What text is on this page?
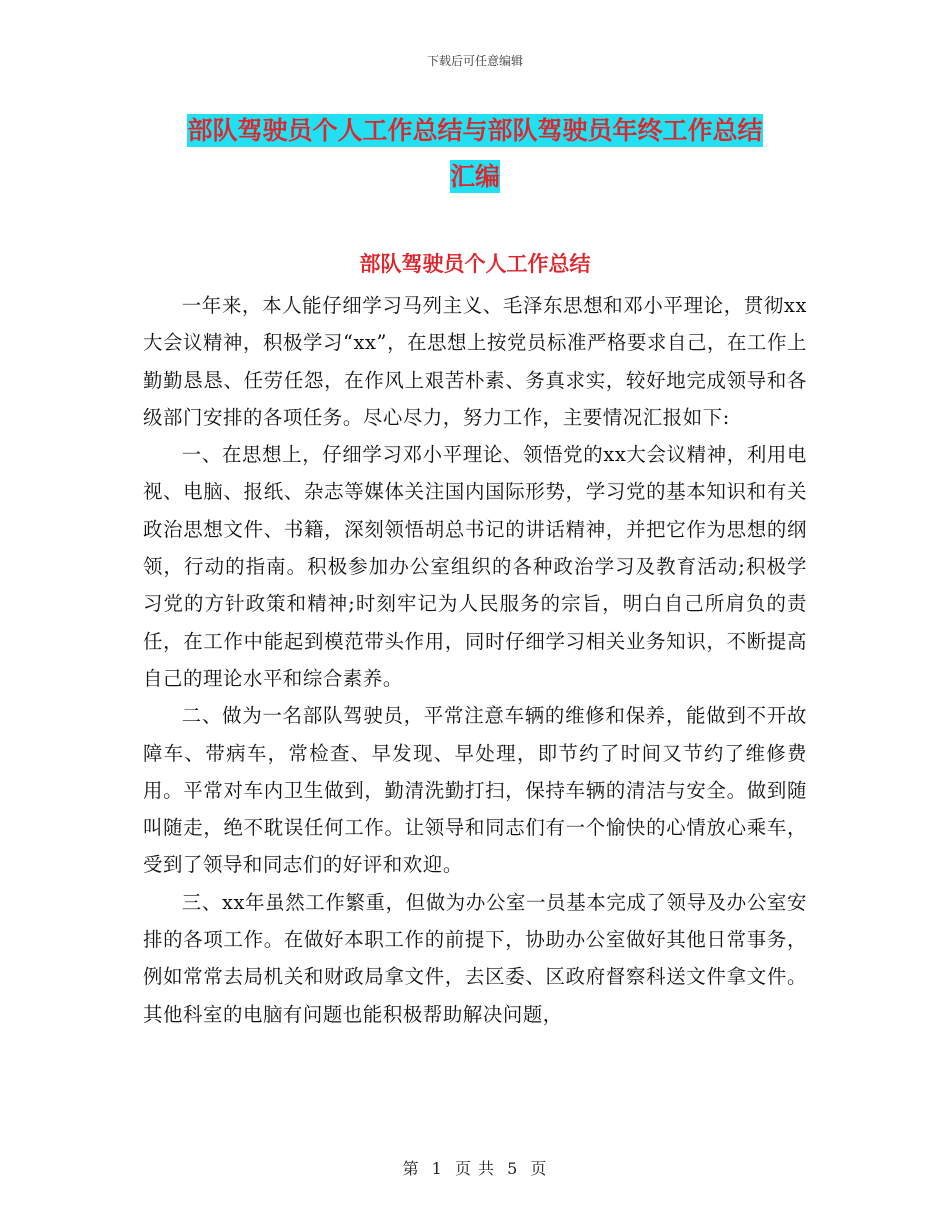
下载后可任意编辑
部队驾驶员个人工作总结与部队驾驶员年终工作总结
汇编
部队驾驶员个人工作总结

一年来，本人能仔细学习马列主义、毛泽东思想和邓小平理论，贯彻xx大会议精神，积极学习“xx”，在思想上按党员标准严格要求自己，在工作上勤勤恳恳、任劳任怨，在作风上艰苦朴素、务真求实，较好地完成领导和各级部门安排的各项任务。尽心尽力，努力工作，主要情况汇报如下:

一、在思想上，仔细学习邓小平理论、领悟党的xx大会议精神，利用电视、电脑、报纸、杂志等媒体关注国内国际形势，学习党的基本知识和有关政治思想文件、书籍，深刻领悟胡总书记的讲话精神，并把它作为思想的纲领，行动的指南。积极参加办公室组织的各种政治学习及教育活动;积极学习党的方针政策和精神;时刻牢记为人民服务的宗旨，明白自己所肩负的责任，在工作中能起到模范带头作用，同时仔细学习相关业务知识，不断提高自己的理论水平和综合素养。

二、做为一名部队驾驶员，平常注意车辆的维修和保养，能做到不开故障车、带病车，常检查、早发现、早处理，即节约了时间又节约了维修费用。平常对车内卫生做到，勤清洗勤打扫，保持车辆的清洁与安全。做到随叫随走，绝不耽误任何工作。让领导和同志们有一个愉快的心情放心乘车，受到了领导和同志们的好评和欢迎。

三、xx年虽然工作繁重，但做为办公室一员基本完成了领导及办公室安排的各项工作。在做好本职工作的前提下，协助办公室做好其他日常事务，例如常常去局机关和财政局拿文件，去区委、区政府督察科送文件拿文件。其他科室的电脑有问题也能积极帮助解决问题，

第 1 页 共 5 页
